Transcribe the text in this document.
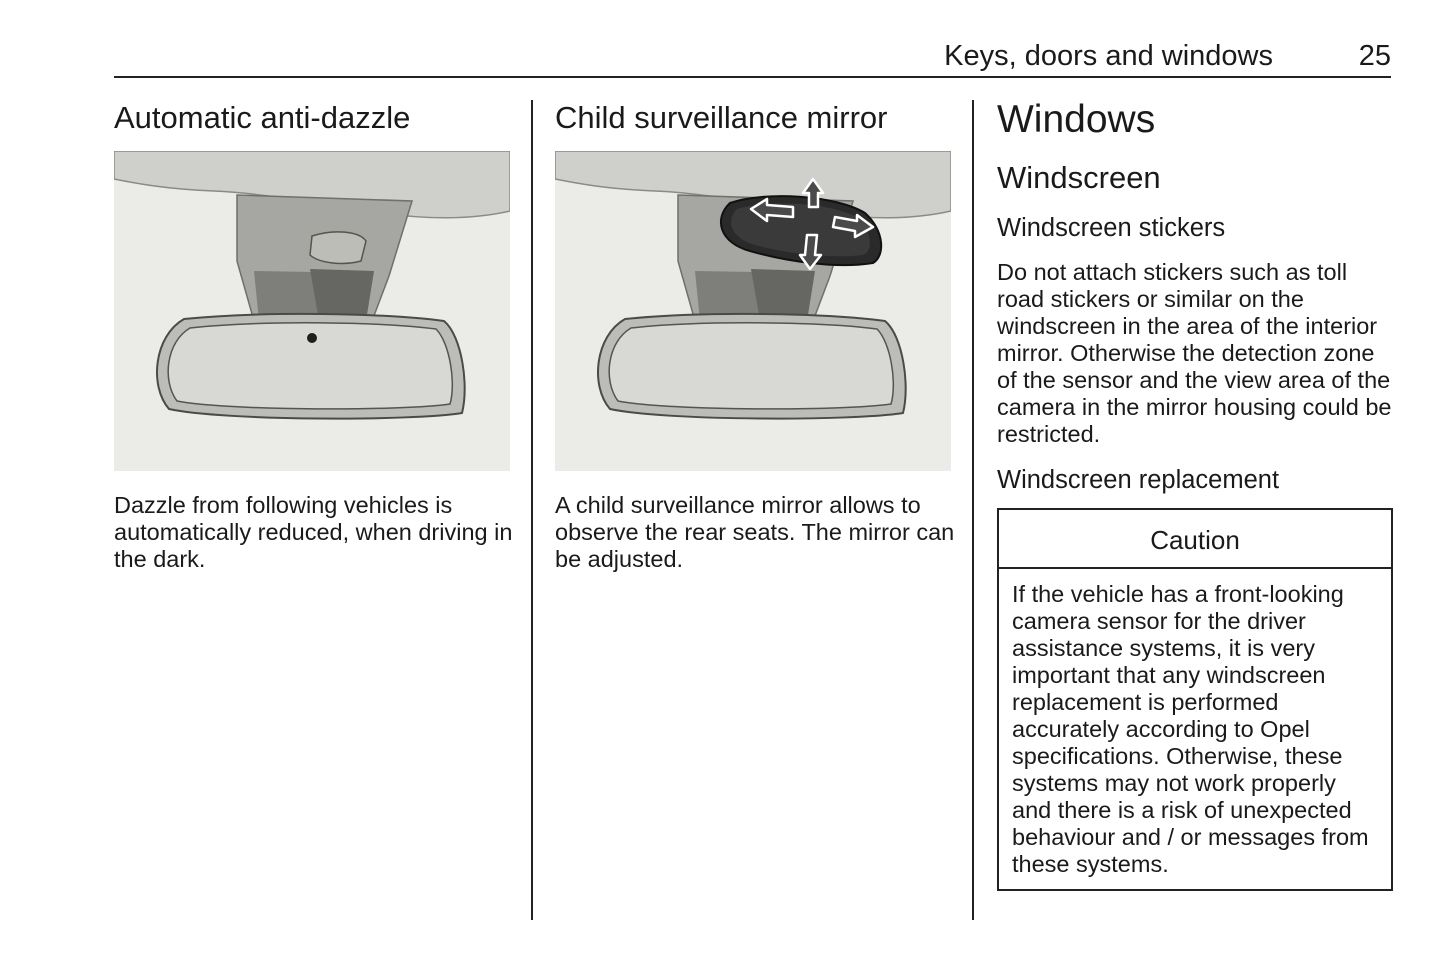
Keys, doors and windows	25
Automatic anti-dazzle

Dazzle from following vehicles is automatically reduced, when driving in the dark.

Child surveillance mirror

A child surveillance mirror allows to observe the rear seats. The mirror can be adjusted.

Windows
Windscreen
Windscreen stickers

Do not attach stickers such as toll road stickers or similar on the windscreen in the area of the interior mirror. Otherwise the detection zone of the sensor and the view area of the camera in the mirror housing could be restricted.

Windscreen replacement
Caution
If the vehicle has a front-looking camera sensor for the driver assistance systems, it is very important that any windscreen replacement is performed accurately according to Opel specifications. Otherwise, these systems may not work properly and there is a risk of unexpected behaviour and / or messages from these systems.
